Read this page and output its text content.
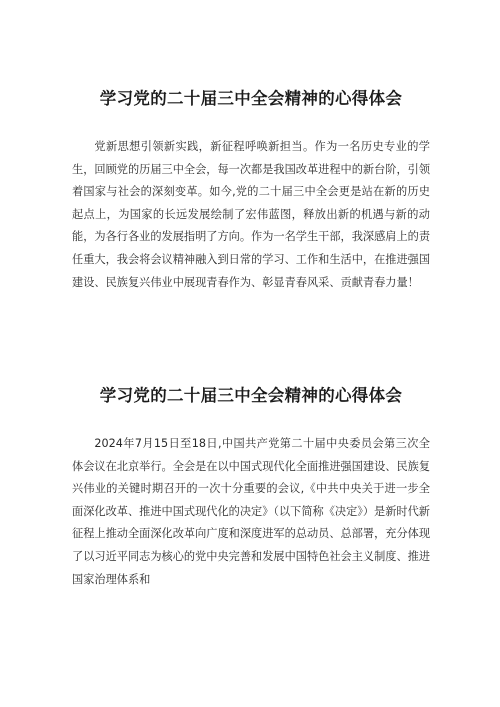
学习党的二十届三中全会精神的心得体会

党新思想引领新实践，新征程呼唤新担当。作为一名历史专业的学生，回顾党的历届三中全会，每一次都是我国改革进程中的新台阶，引领着国家与社会的深刻变革。如今,党的二十届三中全会更是站在新的历史起点上，为国家的长远发展绘制了宏伟蓝图，释放出新的机遇与新的动能，为各行各业的发展指明了方向。作为一名学生干部，我深感肩上的责任重大，我会将会议精神融入到日常的学习、工作和生活中，在推进强国建设、民族复兴伟业中展现青春作为、彰显青春风采、贡献青春力量！

学习党的二十届三中全会精神的心得体会

2024年7月15日至18日,中国共产党第二十届中央委员会第三次全体会议在北京举行。全会是在以中国式现代化全面推进强国建设、民族复兴伟业的关键时期召开的一次十分重要的会议,《中共中央关于进一步全面深化改革、推进中国式现代化的决定》（以下简称《决定》）是新时代新征程上推动全面深化改革向广度和深度进军的总动员、总部署，充分体现了以习近平同志为核心的党中央完善和发展中国特色社会主义制度、推进国家治理体系和
